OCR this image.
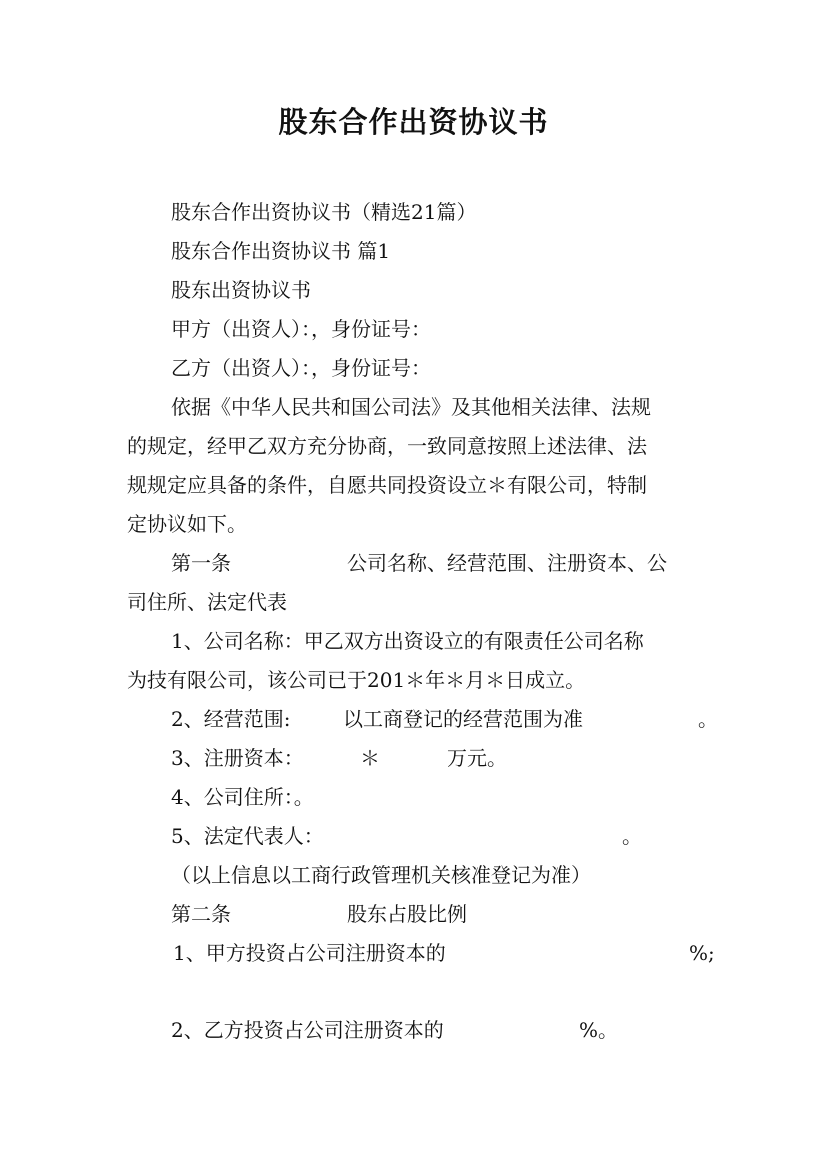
股东合作出资协议书
股东合作出资协议书（精选21篇）
股东合作出资协议书 篇1
股东出资协议书
甲方（出资人）：，身份证号：
乙方（出资人）：，身份证号：
依据《中华人民共和国公司法》及其他相关法律、法规
的规定，经甲乙双方充分协商，一致同意按照上述法律、法
规规定应具备的条件，自愿共同投资设立＊有限公司，特制
定协议如下。
第一条	公司名称、经营范围、注册资本、公
司住所、法定代表
1、公司名称：甲乙双方出资设立的有限责任公司名称
为技有限公司，该公司已于201＊年＊月＊日成立。
2、经营范围:	以工商登记的经营范围为准	。
3、注册资本：	＊	万元。
4、公司住所：。
5、法定代表人：	。
（以上信息以工商行政管理机关核准登记为准）
第二条	股东占股比例
1、甲方投资占公司注册资本的	%;
2、乙方投资占公司注册资本的	%。
